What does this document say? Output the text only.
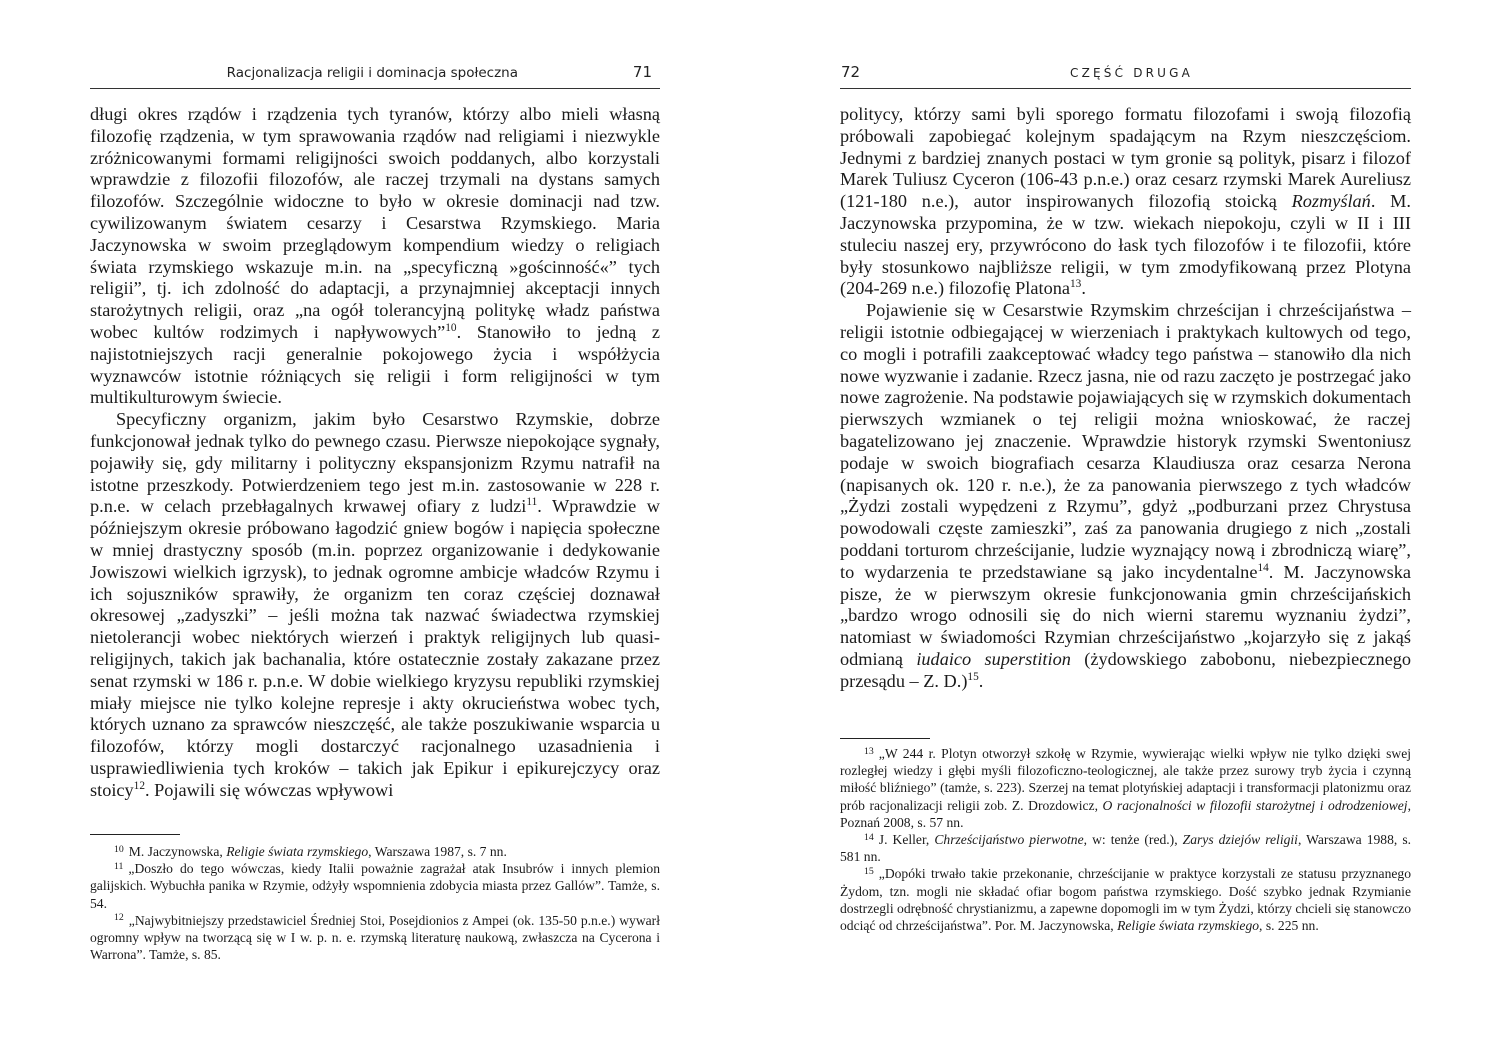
Racjonalizacja religii i dominacja społeczna	71

długi okres rządów i rządzenia tych tyranów, którzy albo mieli własną filozofię rządzenia, w tym sprawowania rządów nad religiami i niezwykle zróżnicowanymi formami religijności swoich poddanych, albo korzystali wprawdzie z filozofii filozofów, ale raczej trzymali na dystans samych filozofów. Szczególnie widoczne to było w okresie dominacji nad tzw. cywilizowanym światem cesarzy i Cesarstwa Rzymskiego. Maria Jaczynowska w swoim przeglądowym kompendium wiedzy o religiach świata rzymskiego wskazuje m.in. na „specyficzną »gościnność«” tych religii”, tj. ich zdolność do adaptacji, a przynajmniej akceptacji innych starożytnych religii, oraz „na ogół tolerancyjną politykę władz państwa wobec kultów rodzimych i napływowych”$^{10}$. Stanowiło to jedną z najistotniejszych racji generalnie pokojowego życia i współżycia wyznawców istotnie różniących się religii i form religijności w tym multikulturowym świecie.

Specyficzny organizm, jakim było Cesarstwo Rzymskie, dobrze funkcjonował jednak tylko do pewnego czasu. Pierwsze niepokojące sygnały, pojawiły się, gdy militarny i polityczny ekspansjonizm Rzymu natrafił na istotne przeszkody. Potwierdzeniem tego jest m.in. zastosowanie w 228 r. p.n.e. w celach przebłagalnych krwawej ofiary z ludzi$^{11}$. Wprawdzie w późniejszym okresie próbowano łagodzić gniew bogów i napięcia społeczne w mniej drastyczny sposób (m.in. poprzez organizowanie i dedykowanie Jowiszowi wielkich igrzysk), to jednak ogromne ambicje władców Rzymu i ich sojuszników sprawiły, że organizm ten coraz częściej doznawał okresowej „zadyszki” – jeśli można tak nazwać świadectwa rzymskiej nietolerancji wobec niektórych wierzeń i praktyk religijnych lub quasi-religijnych, takich jak bachanalia, które ostatecznie zostały zakazane przez senat rzymski w 186 r. p.n.e. W dobie wielkiego kryzysu republiki rzymskiej miały miejsce nie tylko kolejne represje i akty okrucieństwa wobec tych, których uznano za sprawców nieszczęść, ale także poszukiwanie wsparcia u filozofów, którzy mogli dostarczyć racjonalnego uzasadnienia i usprawiedliwienia tych kroków – takich jak Epikur i epikurejczycy oraz stoicy$^{12}$. Pojawili się wówczas wpływowi

$^{10}$ M. Jaczynowska, Religie świata rzymskiego, Warszawa 1987, s. 7 nn.

$^{11}$ „Doszło do tego wówczas, kiedy Italii poważnie zagrażał atak Insubrów i innych plemion galijskich. Wybuchła panika w Rzymie, odżyły wspomnienia zdobycia miasta przez Gallów”. Tamże, s. 54.

$^{12}$ „Najwybitniejszy przedstawiciel Średniej Stoi, Posejdionios z Ampei (ok. 135-50 p.n.e.) wywarł ogromny wpływ na tworzącą się w I w. p. n. e. rzymską literaturę naukową, zwłaszcza na Cycerona i Warrona”. Tamże, s. 85.

72	CZĘŚĆ DRUGA

politycy, którzy sami byli sporego formatu filozofami i swoją filozofią próbowali zapobiegać kolejnym spadającym na Rzym nieszczęściom. Jednymi z bardziej znanych postaci w tym gronie są polityk, pisarz i filozof Marek Tuliusz Cyceron (106-43 p.n.e.) oraz cesarz rzymski Marek Aureliusz (121-180 n.e.), autor inspirowanych filozofią stoicką Rozmyślań. M. Jaczynowska przypomina, że w tzw. wiekach niepokoju, czyli w II i III stuleciu naszej ery, przywrócono do łask tych filozofów i te filozofii, które były stosunkowo najbliższe religii, w tym zmodyfikowaną przez Plotyna (204-269 n.e.) filozofię Platona$^{13}$.

Pojawienie się w Cesarstwie Rzymskim chrześcijan i chrześcijaństwa – religii istotnie odbiegającej w wierzeniach i praktykach kultowych od tego, co mogli i potrafili zaakceptować władcy tego państwa – stanowiło dla nich nowe wyzwanie i zadanie. Rzecz jasna, nie od razu zaczęto je postrzegać jako nowe zagrożenie. Na podstawie pojawiających się w rzymskich dokumentach pierwszych wzmianek o tej religii można wnioskować, że raczej bagatelizowano jej znaczenie. Wprawdzie historyk rzymski Swentoniusz podaje w swoich biografiach cesarza Klaudiusza oraz cesarza Nerona (napisanych ok. 120 r. n.e.), że za panowania pierwszego z tych władców „Żydzi zostali wypędzeni z Rzymu”, gdyż „podburzani przez Chrystusa powodowali częste zamieszki”, zaś za panowania drugiego z nich „zostali poddani torturom chrześcijanie, ludzie wyznający nową i zbrodniczą wiarę”, to wydarzenia te przedstawiane są jako incydentalne$^{14}$. M. Jaczynowska pisze, że w pierwszym okresie funkcjonowania gmin chrześcijańskich „bardzo wrogo odnosili się do nich wierni staremu wyznaniu żydzi”, natomiast w świadomości Rzymian chrześcijaństwo „kojarzyło się z jakąś odmianą iudaico superstition (żydowskiego zabobonu, niebezpiecznego przesądu – Z. D.)$^{15}$.

$^{13}$ „W 244 r. Plotyn otworzył szkołę w Rzymie, wywierając wielki wpływ nie tylko dzięki swej rozległej wiedzy i głębi myśli filozoficzno-teologicznej, ale także przez surowy tryb życia i czynną miłość bliźniego” (tamże, s. 223). Szerzej na temat plotyńskiej adaptacji i transformacji platonizmu oraz prób racjonalizacji religii zob. Z. Drozdowicz, O racjonalności w filozofii starożytnej i odrodzeniowej, Poznań 2008, s. 57 nn.

$^{14}$ J. Keller, Chrześcijaństwo pierwotne, w: tenże (red.), Zarys dziejów religii, Warszawa 1988, s. 581 nn.

$^{15}$ „Dopóki trwało takie przekonanie, chrześcijanie w praktyce korzystali ze statusu przyznanego Żydom, tzn. mogli nie składać ofiar bogom państwa rzymskiego. Dość szybko jednak Rzymianie dostrzegli odrębność chrystianizmu, a zapewne dopomogli im w tym Żydzi, którzy chcieli się stanowczo odciąć od chrześcijaństwa”. Por. M. Jaczynowska, Religie świata rzymskiego, s. 225 nn.
